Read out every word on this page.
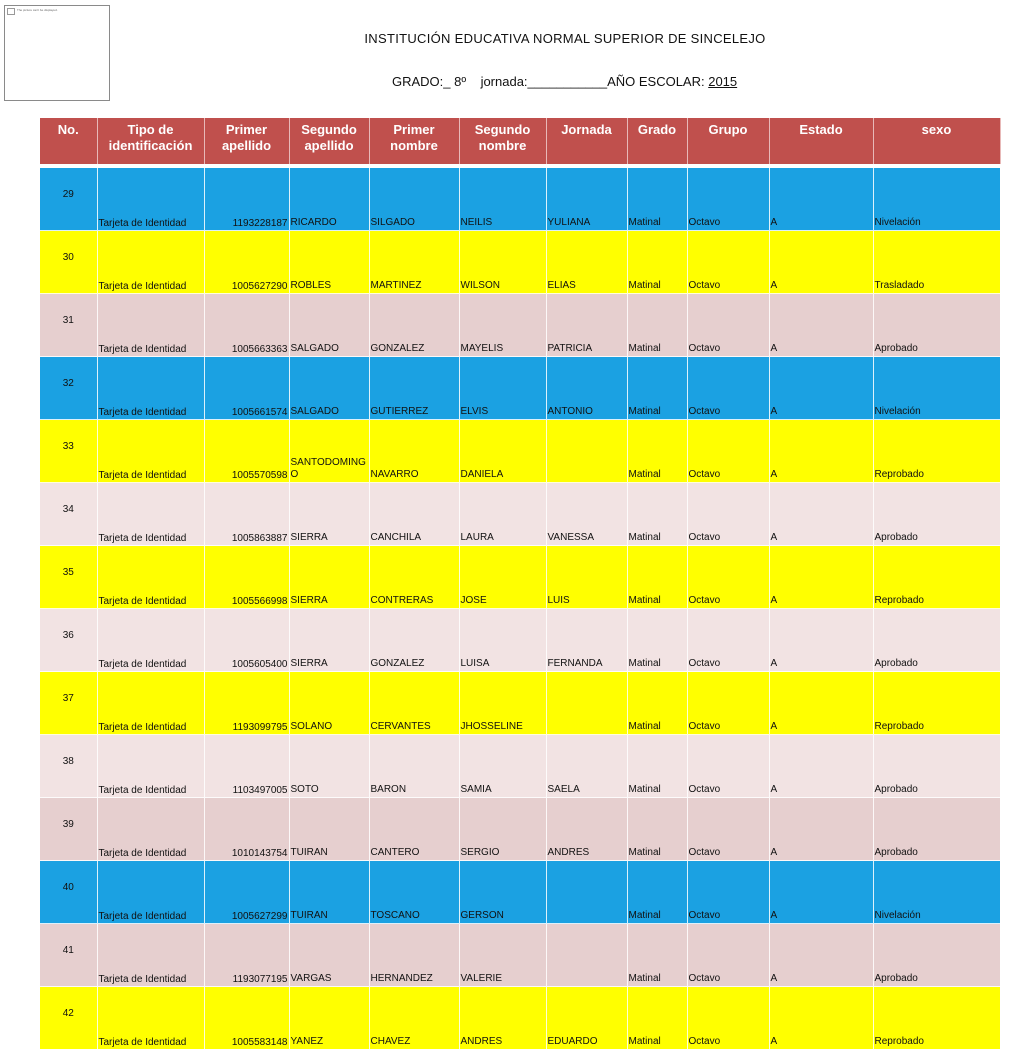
The picture can't be displayed.
INSTITUCIÓN EDUCATIVA NORMAL SUPERIOR DE SINCELEJO
GRADO:_ 8º jornada:___________AÑO ESCOLAR: 2015
No.	Tipo de identificación	Primer apellido	Segundo apellido	Primer nombre	Segundo nombre	Jornada	Grado	Grupo	Estado	sexo

29	Tarjeta de Identidad	1193228187	RICARDO	SILGADO	NEILIS	YULIANA	Matinal	Octavo	A	Nivelación
30	Tarjeta de Identidad	1005627290	ROBLES	MARTINEZ	WILSON	ELIAS	Matinal	Octavo	A	Trasladado
31	Tarjeta de Identidad	1005663363	SALGADO	GONZALEZ	MAYELIS	PATRICIA	Matinal	Octavo	A	Aprobado
32	Tarjeta de Identidad	1005661574	SALGADO	GUTIERREZ	ELVIS	ANTONIO	Matinal	Octavo	A	Nivelación
33	Tarjeta de Identidad	1005570598	SANTODOMINGO	NAVARRO	DANIELA		Matinal	Octavo	A	Reprobado
34	Tarjeta de Identidad	1005863887	SIERRA	CANCHILA	LAURA	VANESSA	Matinal	Octavo	A	Aprobado
35	Tarjeta de Identidad	1005566998	SIERRA	CONTRERAS	JOSE	LUIS	Matinal	Octavo	A	Reprobado
36	Tarjeta de Identidad	1005605400	SIERRA	GONZALEZ	LUISA	FERNANDA	Matinal	Octavo	A	Aprobado
37	Tarjeta de Identidad	1193099795	SOLANO	CERVANTES	JHOSSELINE		Matinal	Octavo	A	Reprobado
38	Tarjeta de Identidad	1103497005	SOTO	BARON	SAMIA	SAELA	Matinal	Octavo	A	Aprobado
39	Tarjeta de Identidad	1010143754	TUIRAN	CANTERO	SERGIO	ANDRES	Matinal	Octavo	A	Aprobado
40	Tarjeta de Identidad	1005627299	TUIRAN	TOSCANO	GERSON		Matinal	Octavo	A	Nivelación
41	Tarjeta de Identidad	1193077195	VARGAS	HERNANDEZ	VALERIE		Matinal	Octavo	A	Aprobado
42	Tarjeta de Identidad	1005583148	YANEZ	CHAVEZ	ANDRES	EDUARDO	Matinal	Octavo	A	Reprobado
